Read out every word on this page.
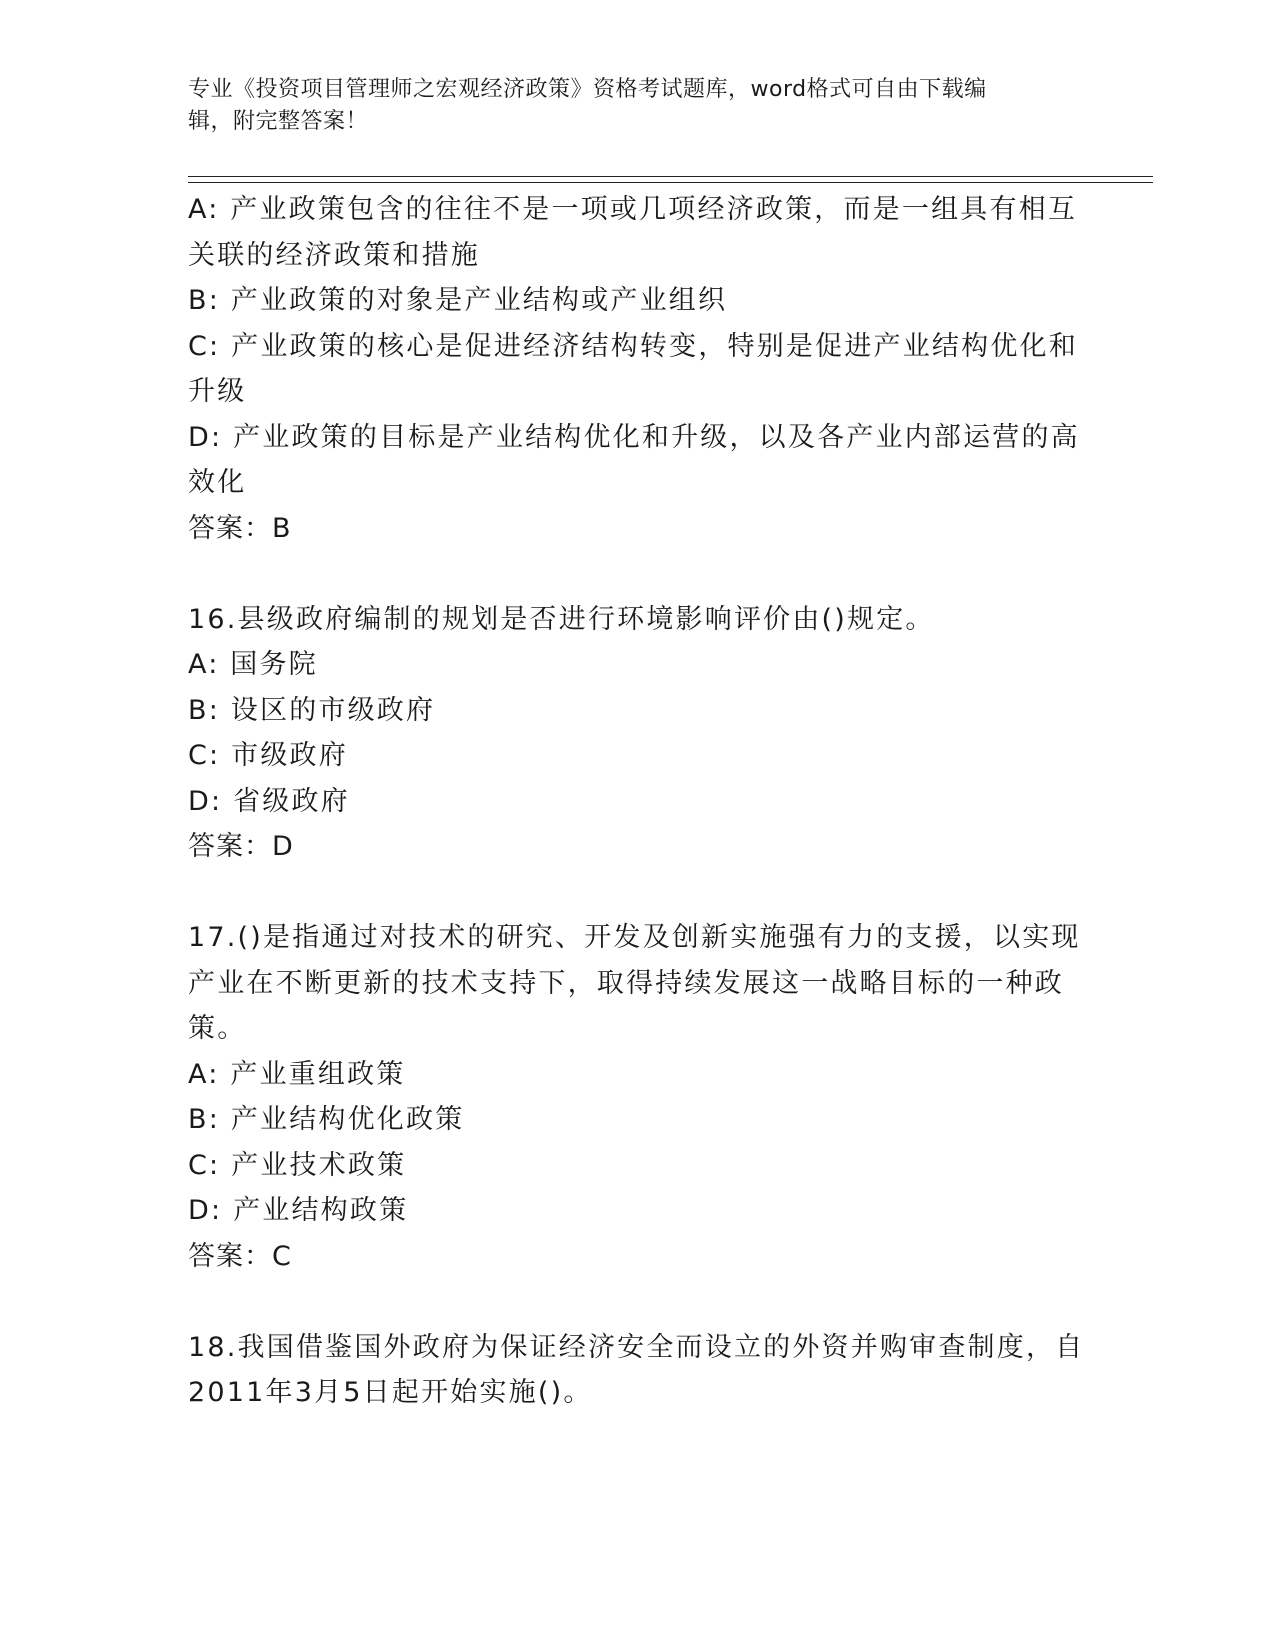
专业《投资项目管理师之宏观经济政策》资格考试题库，word格式可自由下载编
辑，附完整答案！
A: 产业政策包含的往往不是一项或几项经济政策，而是一组具有相互
关联的经济政策和措施
B: 产业政策的对象是产业结构或产业组织
C: 产业政策的核心是促进经济结构转变，特别是促进产业结构优化和
升级
D: 产业政策的目标是产业结构优化和升级，以及各产业内部运营的高
效化
答案：B
16.县级政府编制的规划是否进行环境影响评价由()规定。
A: 国务院
B: 设区的市级政府
C: 市级政府
D: 省级政府
答案：D
17.()是指通过对技术的研究、开发及创新实施强有力的支援，以实现
产业在不断更新的技术支持下，取得持续发展这一战略目标的一种政
策。
A: 产业重组政策
B: 产业结构优化政策
C: 产业技术政策
D: 产业结构政策
答案：C
18.我国借鉴国外政府为保证经济安全而设立的外资并购审查制度，自
2011年3月5日起开始实施()。
